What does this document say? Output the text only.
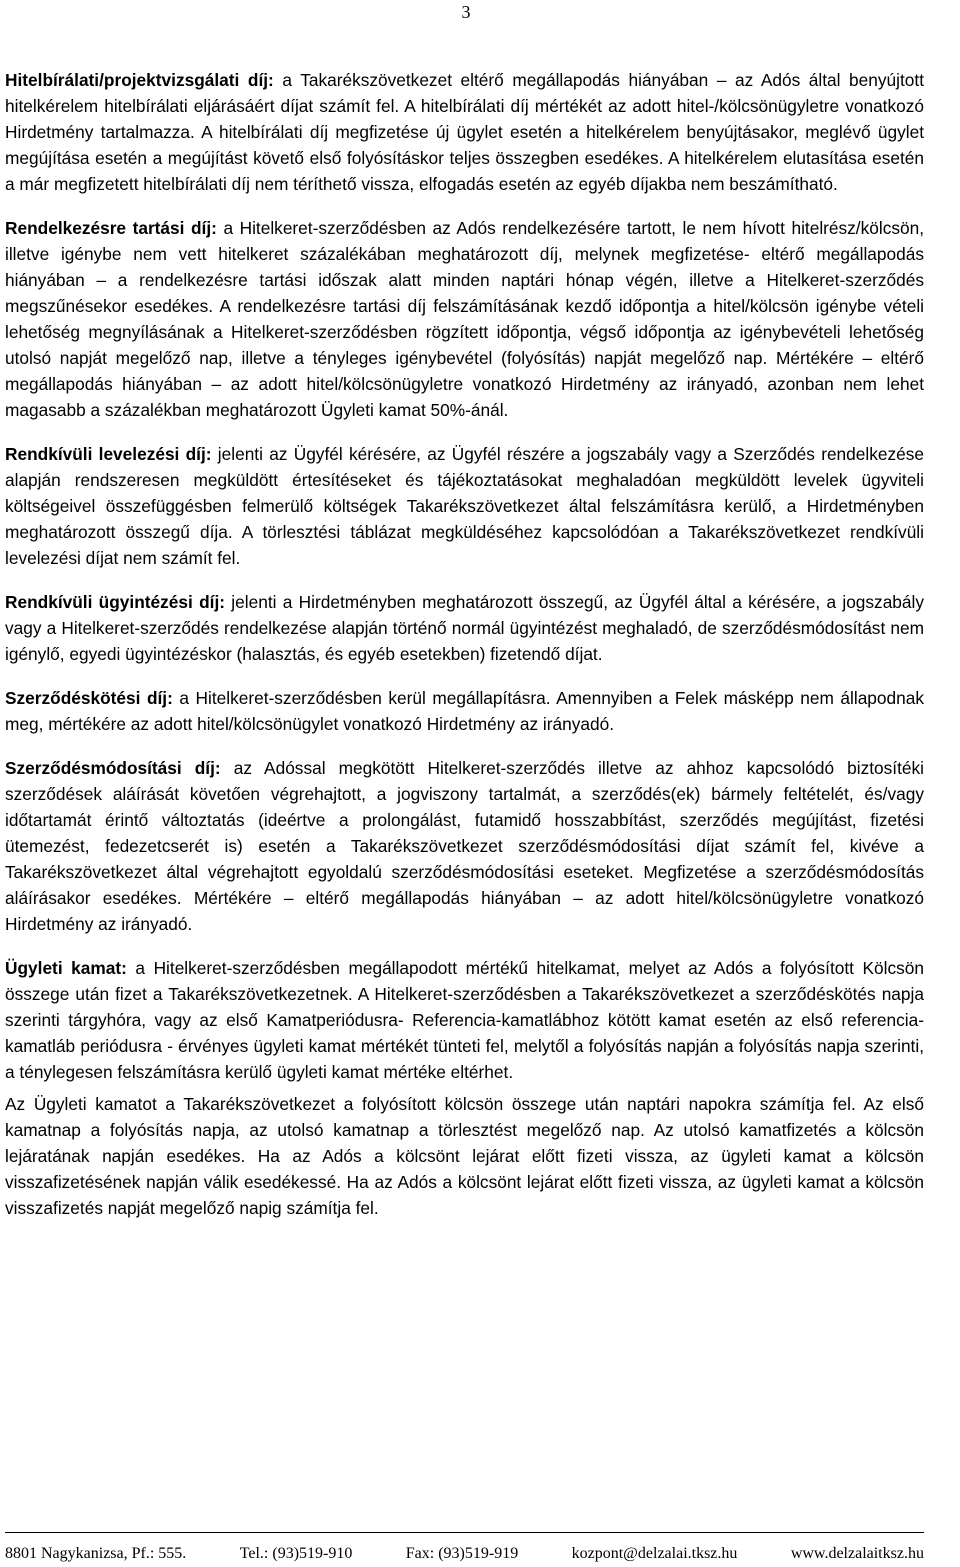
3

Hitelbírálati/projektvizsgálati díj: a Takarékszövetkezet eltérő megállapodás hiányában – az Adós által benyújtott hitelkérelem hitelbírálati eljárásáért díjat számít fel. A hitelbírálati díj mértékét az adott hitel-/kölcsönügyletre vonatkozó Hirdetmény tartalmazza. A hitelbírálati díj megfizetése új ügylet esetén a hitelkérelem benyújtásakor, meglévő ügylet megújítása esetén a megújítást követő első folyósításkor teljes összegben esedékes. A hitelkérelem elutasítása esetén a már megfizetett hitelbírálati díj nem téríthető vissza, elfogadás esetén az egyéb díjakba nem beszámítható.

Rendelkezésre tartási díj: a Hitelkeret-szerződésben az Adós rendelkezésére tartott, le nem hívott hitelrész/kölcsön, illetve igénybe nem vett hitelkeret százalékában meghatározott díj, melynek megfizetése- eltérő megállapodás hiányában – a rendelkezésre tartási időszak alatt minden naptári hónap végén, illetve a Hitelkeret-szerződés megszűnésekor esedékes. A rendelkezésre tartási díj felszámításának kezdő időpontja a hitel/kölcsön igénybe vételi lehetőség megnyílásának a Hitelkeret-szerződésben rögzített időpontja, végső időpontja az igénybevételi lehetőség utolsó napját megelőző nap, illetve a tényleges igénybevétel (folyósítás) napját megelőző nap. Mértékére – eltérő megállapodás hiányában – az adott hitel/kölcsönügyletre vonatkozó Hirdetmény az irányadó, azonban nem lehet magasabb a százalékban meghatározott Ügyleti kamat 50%-ánál.

Rendkívüli levelezési díj: jelenti az Ügyfél kérésére, az Ügyfél részére a jogszabály vagy a Szerződés rendelkezése alapján rendszeresen megküldött értesítéseket és tájékoztatásokat meghaladóan megküldött levelek ügyviteli költségeivel összefüggésben felmerülő költségek Takarékszövetkezet által felszámításra kerülő, a Hirdetményben meghatározott összegű díja. A törlesztési táblázat megküldéséhez kapcsolódóan a Takarékszövetkezet rendkívüli levelezési díjat nem számít fel.

Rendkívüli ügyintézési díj: jelenti a Hirdetményben meghatározott összegű, az Ügyfél által a kérésére, a jogszabály vagy a Hitelkeret-szerződés rendelkezése alapján történő normál ügyintézést meghaladó, de szerződésmódosítást nem igénylő, egyedi ügyintézéskor (halasztás, és egyéb esetekben) fizetendő díjat.

Szerződéskötési díj: a Hitelkeret-szerződésben kerül megállapításra. Amennyiben a Felek másképp nem állapodnak meg, mértékére az adott hitel/kölcsönügylet vonatkozó Hirdetmény az irányadó.

Szerződésmódosítási díj: az Adóssal megkötött Hitelkeret-szerződés illetve az ahhoz kapcsolódó biztosítéki szerződések aláírását követően végrehajtott, a jogviszony tartalmát, a szerződés(ek) bármely feltételét, és/vagy időtartamát érintő változtatás (ideértve a prolongálást, futamidő hosszabbítást, szerződés megújítást, fizetési ütemezést, fedezetcserét is) esetén a Takarékszövetkezet szerződésmódosítási díjat számít fel, kivéve a Takarékszövetkezet által végrehajtott egyoldalú szerződésmódosítási eseteket. Megfizetése a szerződésmódosítás aláírásakor esedékes. Mértékére – eltérő megállapodás hiányában – az adott hitel/kölcsönügyletre vonatkozó Hirdetmény az irányadó.

Ügyleti kamat: a Hitelkeret-szerződésben megállapodott mértékű hitelkamat, melyet az Adós a folyósított Kölcsön összege után fizet a Takarékszövetkezetnek. A Hitelkeret-szerződésben a Takarékszövetkezet a szerződéskötés napja szerinti tárgyhóra, vagy az első Kamatperiódusra- Referencia-kamatlábhoz kötött kamat esetén az első referencia-kamatláb periódusra - érvényes ügyleti kamat mértékét tünteti fel, melytől a folyósítás napján a folyósítás napja szerinti, a ténylegesen felszámításra kerülő ügyleti kamat mértéke eltérhet.

Az Ügyleti kamatot a Takarékszövetkezet a folyósított kölcsön összege után naptári napokra számítja fel. Az első kamatnap a folyósítás napja, az utolsó kamatnap a törlesztést megelőző nap. Az utolsó kamatfizetés a kölcsön lejáratának napján esedékes. Ha az Adós a kölcsönt lejárat előtt fizeti vissza, az ügyleti kamat a kölcsön visszafizetésének napján válik esedékessé. Ha az Adós a kölcsönt lejárat előtt fizeti vissza, az ügyleti kamat a kölcsön visszafizetés napját megelőző napig számítja fel.

8801 Nagykanizsa, Pf.: 555.	Tel.: (93)519-910	Fax: (93)519-919	kozpont@delzalai.tksz.hu	www.delzalaitksz.hu
